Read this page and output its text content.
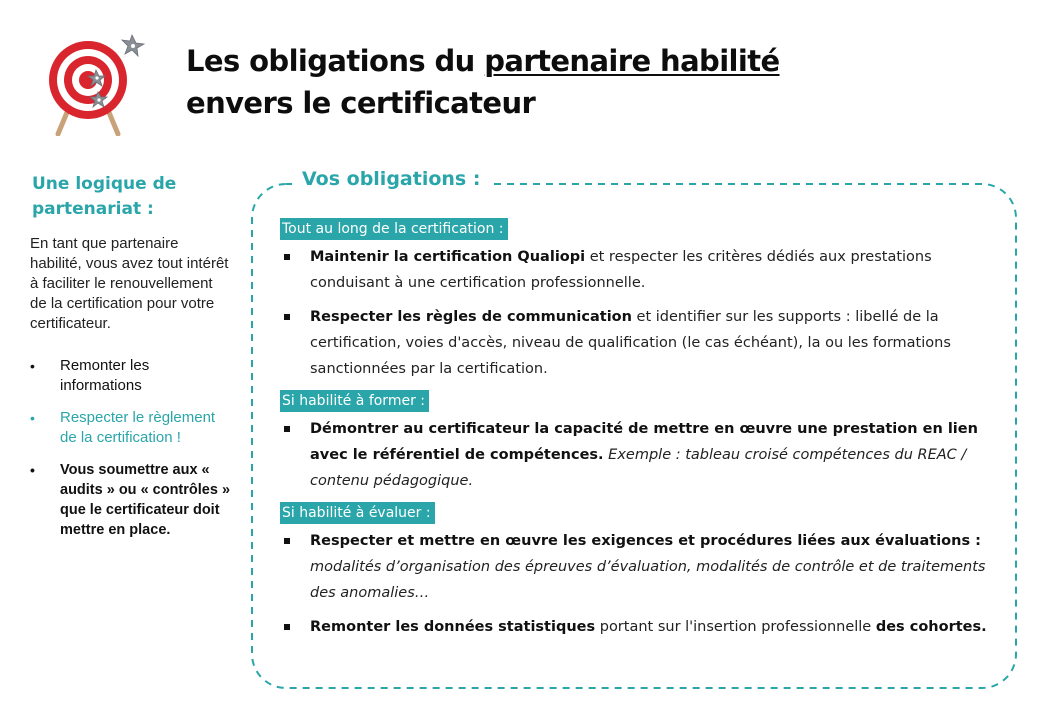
Les obligations du partenaire habilité
envers le certificateur
Une logique de partenariat :
En tant que partenaire habilité, vous avez tout intérêt à faciliter le renouvellement de la certification pour votre certificateur.
• Remonter les informations
• Respecter le règlement de la certification !
• Vous soumettre aux « audits » ou « contrôles » que le certificateur doit mettre en place.
Vos obligations :
Tout au long de la certification :
Maintenir la certification Qualiopi et respecter les critères dédiés aux prestations conduisant à une certification professionnelle.
Respecter les règles de communication et identifier sur les supports : libellé de la certification, voies d'accès, niveau de qualification (le cas échéant), la ou les formations sanctionnées par la certification.
Si habilité à former :
Démontrer au certificateur la capacité de mettre en œuvre une prestation en lien avec le référentiel de compétences. Exemple : tableau croisé compétences du REAC / contenu pédagogique.
Si habilité à évaluer :
Respecter et mettre en œuvre les exigences et procédures liées aux évaluations : modalités d’organisation des épreuves d’évaluation, modalités de contrôle et de traitements des anomalies…
Remonter les données statistiques portant sur l'insertion professionnelle des cohortes.
